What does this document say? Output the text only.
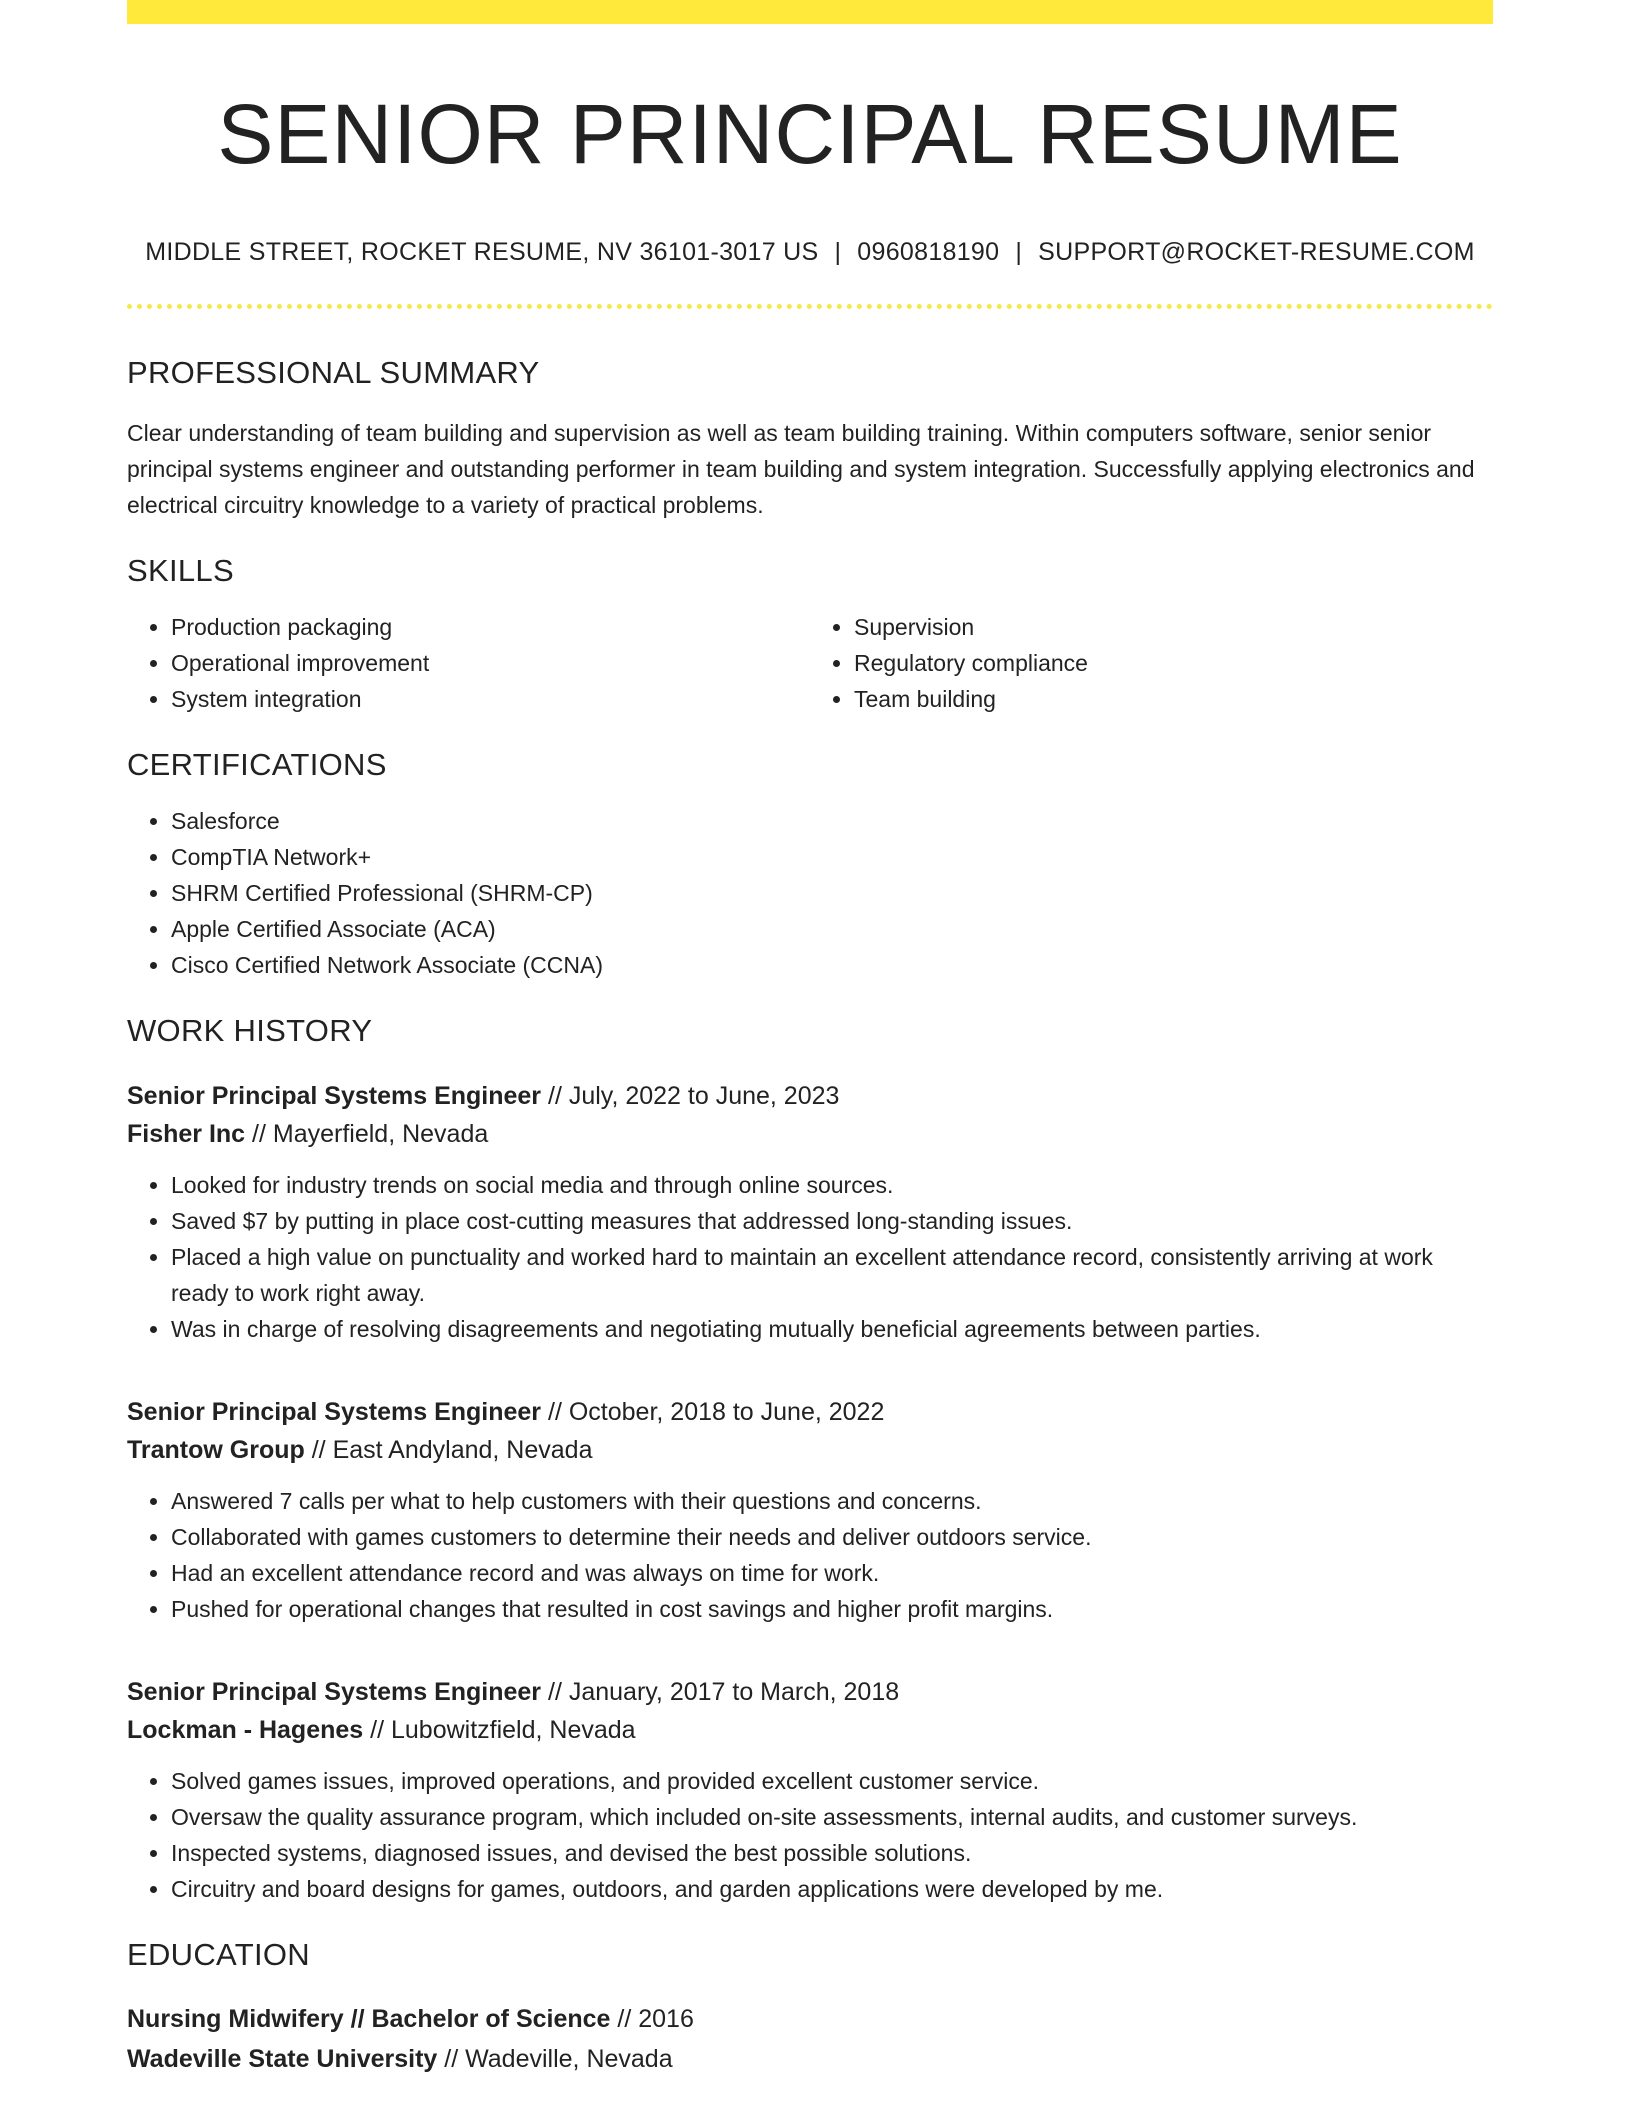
SENIOR PRINCIPAL RESUME
MIDDLE STREET, ROCKET RESUME, NV 36101-3017 US | 0960818190 | SUPPORT@ROCKET-RESUME.COM
PROFESSIONAL SUMMARY

Clear understanding of team building and supervision as well as team building training. Within computers software, senior senior principal systems engineer and outstanding performer in team building and system integration. Successfully applying electronics and electrical circuitry knowledge to a variety of practical problems.

SKILLS
• Production packaging
• Operational improvement
• System integration
• Supervision
• Regulatory compliance
• Team building
CERTIFICATIONS
• Salesforce
• CompTIA Network+
• SHRM Certified Professional (SHRM-CP)
• Apple Certified Associate (ACA)
• Cisco Certified Network Associate (CCNA)
WORK HISTORY
Senior Principal Systems Engineer // July, 2022 to June, 2023
Fisher Inc // Mayerfield, Nevada
• Looked for industry trends on social media and through online sources.
• Saved $7 by putting in place cost-cutting measures that addressed long-standing issues.
• Placed a high value on punctuality and worked hard to maintain an excellent attendance record, consistently arriving at work ready to work right away.
• Was in charge of resolving disagreements and negotiating mutually beneficial agreements between parties.
Senior Principal Systems Engineer // October, 2018 to June, 2022
Trantow Group // East Andyland, Nevada
• Answered 7 calls per what to help customers with their questions and concerns.
• Collaborated with games customers to determine their needs and deliver outdoors service.
• Had an excellent attendance record and was always on time for work.
• Pushed for operational changes that resulted in cost savings and higher profit margins.
Senior Principal Systems Engineer // January, 2017 to March, 2018
Lockman - Hagenes // Lubowitzfield, Nevada
• Solved games issues, improved operations, and provided excellent customer service.
• Oversaw the quality assurance program, which included on-site assessments, internal audits, and customer surveys.
• Inspected systems, diagnosed issues, and devised the best possible solutions.
• Circuitry and board designs for games, outdoors, and garden applications were developed by me.
EDUCATION
Nursing Midwifery // Bachelor of Science // 2016
Wadeville State University // Wadeville, Nevada
